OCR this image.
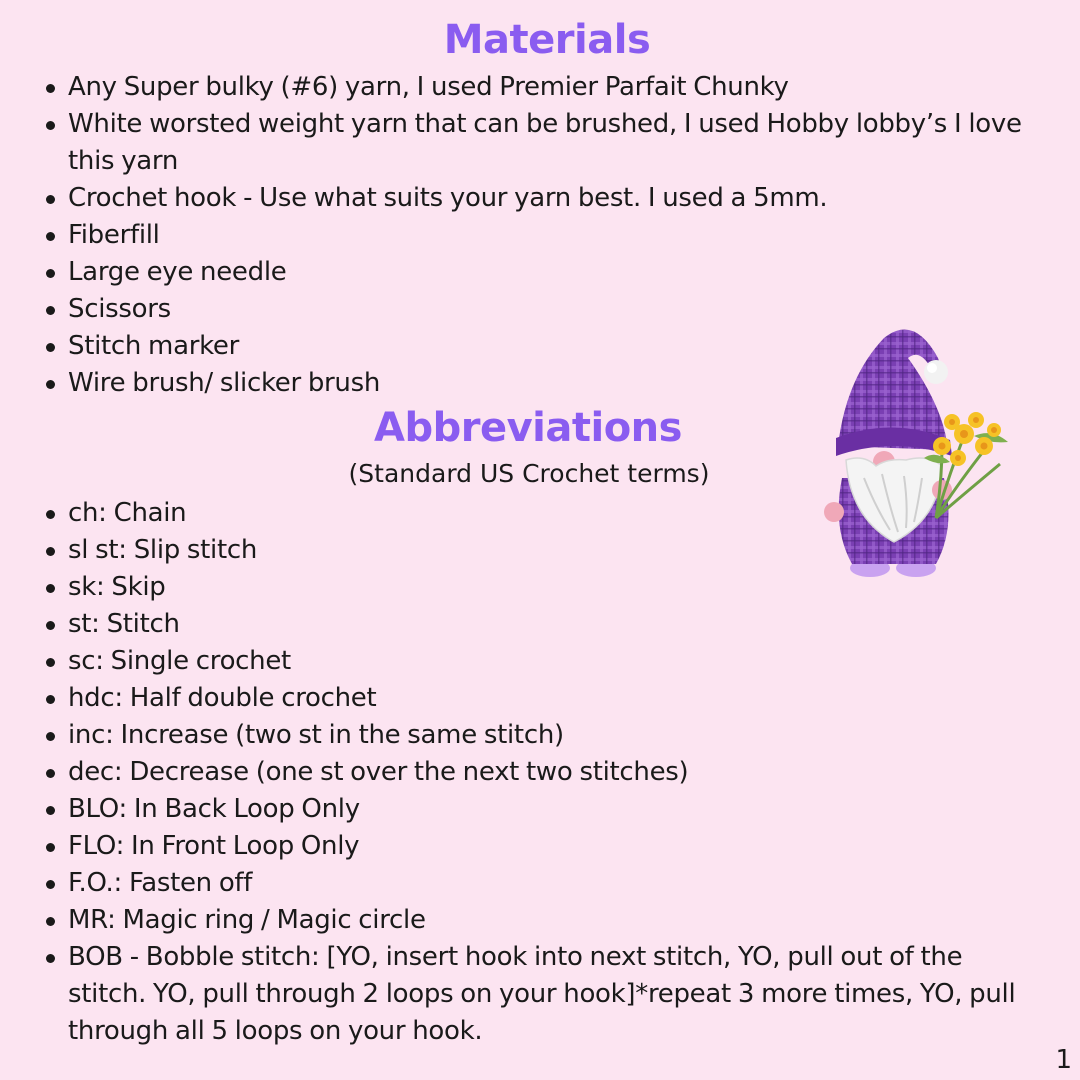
Materials
Any Super bulky (#6) yarn, I used Premier Parfait Chunky
White worsted weight yarn that can be brushed, I used Hobby lobby’s I love this yarn
Crochet hook - Use what suits your yarn best. I used a 5mm.
Fiberfill
Large eye needle
Scissors
Stitch marker
Wire brush/ slicker brush
Abbreviations

(Standard US Crochet terms)

ch: Chain
sl st: Slip stitch
sk: Skip
st: Stitch
sc: Single crochet
hdc: Half double crochet
inc: Increase (two st in the same stitch)
dec: Decrease (one st over the next two stitches)
BLO: In Back Loop Only
FLO: In Front Loop Only
F.O.: Fasten off
MR: Magic ring / Magic circle
BOB - Bobble stitch: [YO, insert hook into next stitch, YO, pull out of the stitch. YO, pull through 2 loops on your hook]*repeat 3 more times, YO, pull through all 5 loops on your hook.
1
